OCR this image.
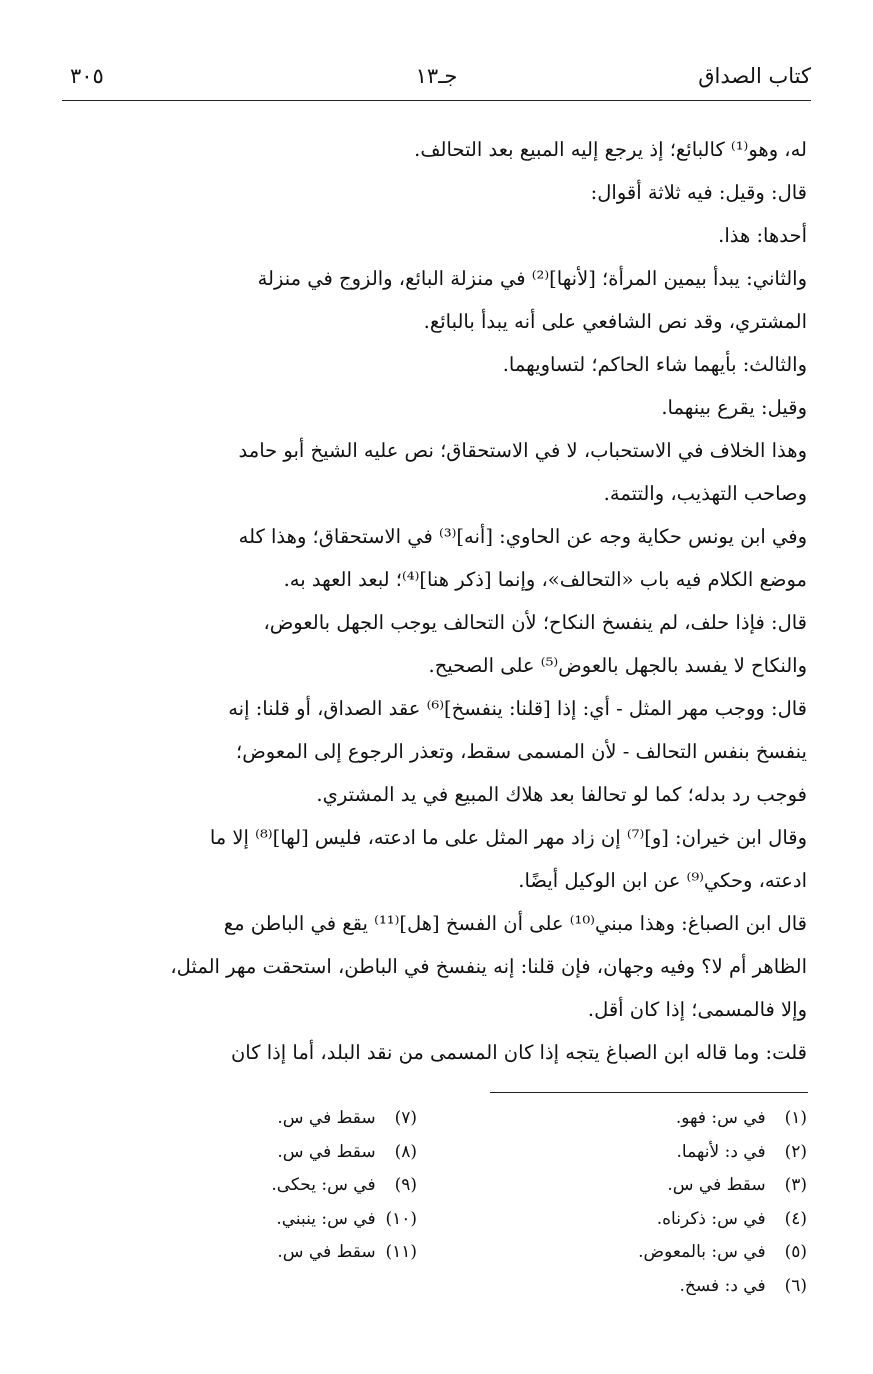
كتاب الصداق
جـ١٣
٣٠٥

له، وهو⁽¹⁾ كالبائع؛ إذ يرجع إليه المبيع بعد التحالف.

قال: وقيل: فيه ثلاثة أقوال:

أحدها: هذا.

والثاني: يبدأ بيمين المرأة؛ [لأنها]⁽²⁾ في منزلة البائع، والزوج في منزلة

المشتري، وقد نص الشافعي على أنه يبدأ بالبائع.

والثالث: بأيهما شاء الحاكم؛ لتساويهما.

وقيل: يقرع بينهما.

وهذا الخلاف في الاستحباب، لا في الاستحقاق؛ نص عليه الشيخ أبو حامد

وصاحب التهذيب، والتتمة.

وفي ابن يونس حكاية وجه عن الحاوي: [أنه]⁽³⁾ في الاستحقاق؛ وهذا كله

موضع الكلام فيه باب «التحالف»، وإنما [ذكر هنا]⁽⁴⁾؛ لبعد العهد به.

قال: فإذا حلف، لم ينفسخ النكاح؛ لأن التحالف يوجب الجهل بالعوض،

والنكاح لا يفسد بالجهل بالعوض⁽⁵⁾ على الصحيح.

قال: ووجب مهر المثل - أي: إذا [قلنا: ينفسخ]⁽⁶⁾ عقد الصداق، أو قلنا: إنه

ينفسخ بنفس التحالف - لأن المسمى سقط، وتعذر الرجوع إلى المعوض؛

فوجب رد بدله؛ كما لو تحالفا بعد هلاك المبيع في يد المشتري.

وقال ابن خيران: [و]⁽⁷⁾ إن زاد مهر المثل على ما ادعته، فليس [لها]⁽⁸⁾ إلا ما

ادعته، وحكي⁽⁹⁾ عن ابن الوكيل أيضًا.

قال ابن الصباغ: وهذا مبني⁽¹⁰⁾ على أن الفسخ [هل]⁽¹¹⁾ يقع في الباطن مع

الظاهر أم لا؟ وفيه وجهان، فإن قلنا: إنه ينفسخ في الباطن، استحقت مهر المثل،

وإلا فالمسمى؛ إذا كان أقل.

قلت: وما قاله ابن الصباغ يتجه إذا كان المسمى من نقد البلد، أما إذا كان

(١) في س: فهو.
(٢) في د: لأنهما.
(٣) سقط في س.
(٤) في س: ذكرناه.
(٥) في س: بالمعوض.
(٦) في د: فسخ.
(٧) سقط في س.
(٨) سقط في س.
(٩) في س: يحكى.
(١٠) في س: ينبني.
(١١) سقط في س.
